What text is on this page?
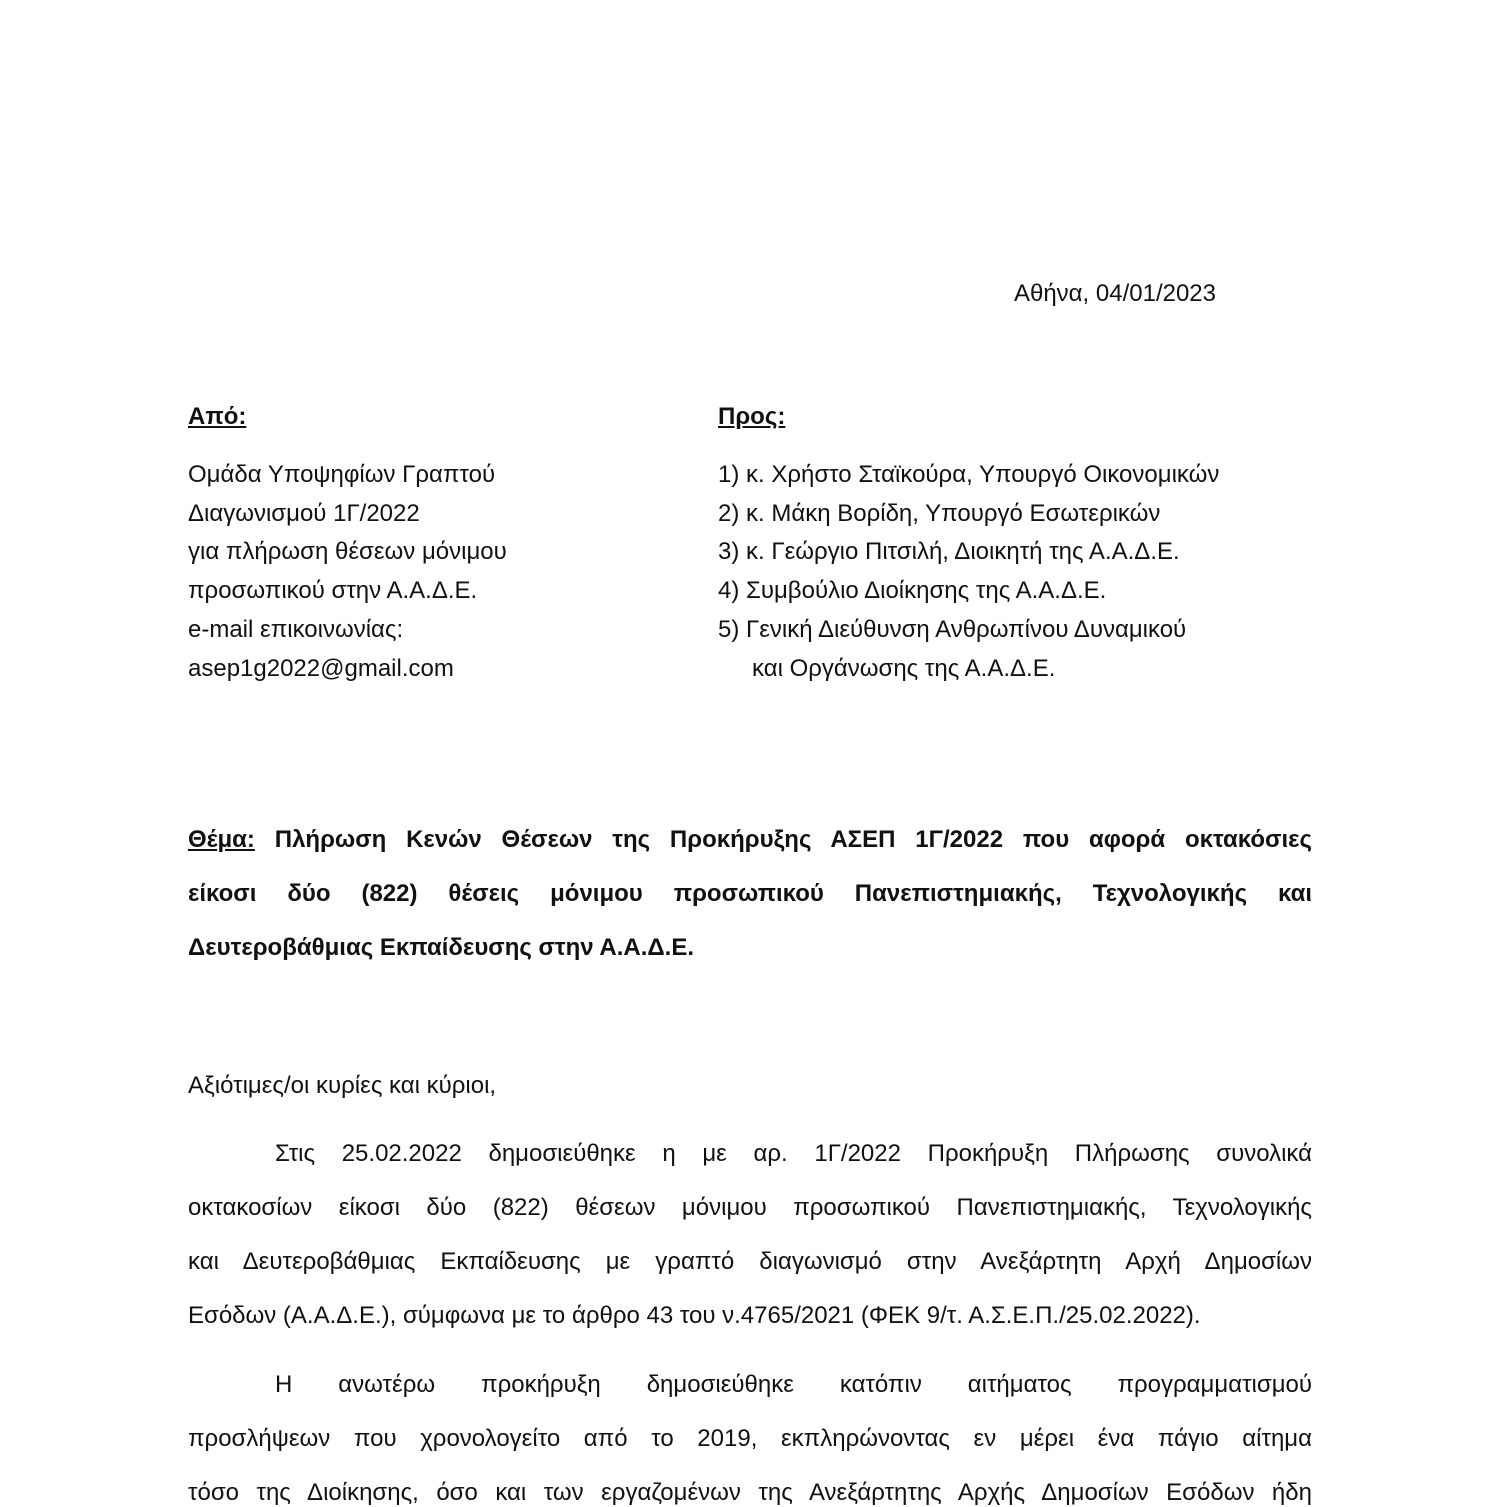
Αθήνα, 04/01/2023
Από:
Ομάδα Υποψηφίων Γραπτού
Διαγωνισμού 1Γ/2022
για πλήρωση θέσεων μόνιμου
προσωπικού στην Α.Α.Δ.Ε.
e-mail επικοινωνίας:
asep1g2022@gmail.com
Προς:
1) κ. Χρήστο Σταϊκούρα, Υπουργό Οικονομικών
2) κ. Μάκη Βορίδη, Υπουργό Εσωτερικών
3) κ. Γεώργιο Πιτσιλή, Διοικητή της Α.Α.Δ.Ε.
4) Συμβούλιο Διοίκησης της Α.Α.Δ.Ε.
5) Γενική Διεύθυνση Ανθρωπίνου Δυναμικού
και Οργάνωσης της Α.Α.Δ.Ε.
Θέμα: Πλήρωση Κενών Θέσεων της Προκήρυξης ΑΣΕΠ 1Γ/2022 που αφορά οκτακόσιες
είκοσι δύο (822) θέσεις μόνιμου προσωπικού Πανεπιστημιακής, Τεχνολογικής και
Δευτεροβάθμιας Εκπαίδευσης στην Α.Α.Δ.Ε.
Αξιότιμες/οι κυρίες και κύριοι,
Στις 25.02.2022 δημοσιεύθηκε η με αρ. 1Γ/2022 Προκήρυξη Πλήρωσης συνολικά
οκτακοσίων είκοσι δύο (822) θέσεων μόνιμου προσωπικού Πανεπιστημιακής, Τεχνολογικής
και Δευτεροβάθμιας Εκπαίδευσης με γραπτό διαγωνισμό στην Ανεξάρτητη Αρχή Δημοσίων
Εσόδων (Α.Α.Δ.Ε.), σύμφωνα με το άρθρο 43 του ν.4765/2021 (ΦΕΚ 9/τ. Α.Σ.Ε.Π./25.02.2022).
Η ανωτέρω προκήρυξη δημοσιεύθηκε κατόπιν αιτήματος προγραμματισμού
προσλήψεων που χρονολογείτο από το 2019, εκπληρώνοντας εν μέρει ένα πάγιο αίτημα
τόσο της Διοίκησης, όσο και των εργαζομένων της Ανεξάρτητης Αρχής Δημοσίων Εσόδων ήδη
